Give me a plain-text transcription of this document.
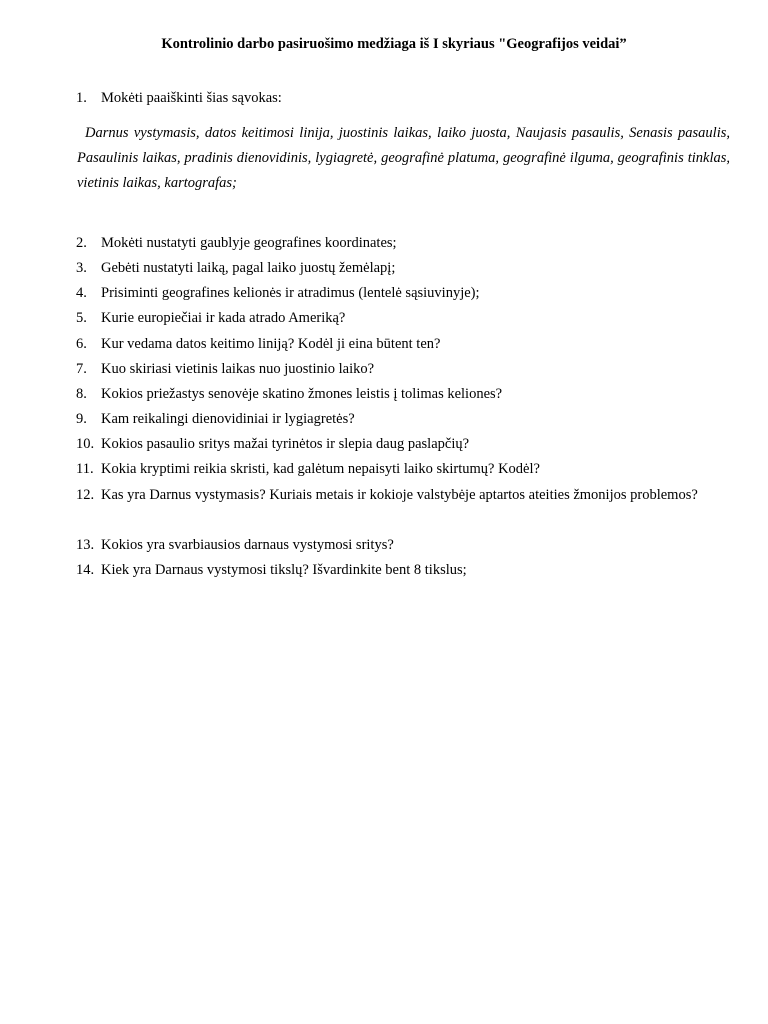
Kontrolinio darbo pasiruošimo medžiaga iš I skyriaus "Geografijos veidai”
1. Mokėti paaiškinti šias sąvokas:
Darnus vystymasis, datos keitimosi linija, juostinis laikas, laiko juosta, Naujasis pasaulis, Senasis pasaulis, Pasaulinis laikas, pradinis dienovidinis, lygiagretė, geografinė platuma, geografinė ilguma, geografinis tinklas, vietinis laikas, kartografas;
2. Mokėti nustatyti gaublyje geografines koordinates;
3. Gebėti nustatyti laiką, pagal laiko juostų žemėlapį;
4. Prisiminti geografines kelionės ir atradimus (lentelė sąsiuvinyje);
5. Kurie europiečiai ir kada atrado Ameriką?
6. Kur vedama datos keitimo liniją? Kodėl ji eina būtent ten?
7. Kuo skiriasi vietinis laikas nuo juostinio laiko?
8. Kokios priežastys senovėje skatino žmones leistis į tolimas keliones?
9. Kam reikalingi dienovidiniai ir lygiagretės?
10. Kokios pasaulio sritys mažai tyrinėtos ir slepia daug paslapčių?
11. Kokia kryptimi reikia skristi, kad galėtum nepaisyti laiko skirtumų? Kodėl?
12. Kas yra Darnus vystymasis? Kuriais metais ir kokioje valstybėje aptartos ateities žmonijos problemos?
13. Kokios yra svarbiausios darnaus vystymosi sritys?
14. Kiek yra Darnaus vystymosi tikslų? Išvardinkite bent 8 tikslus;
